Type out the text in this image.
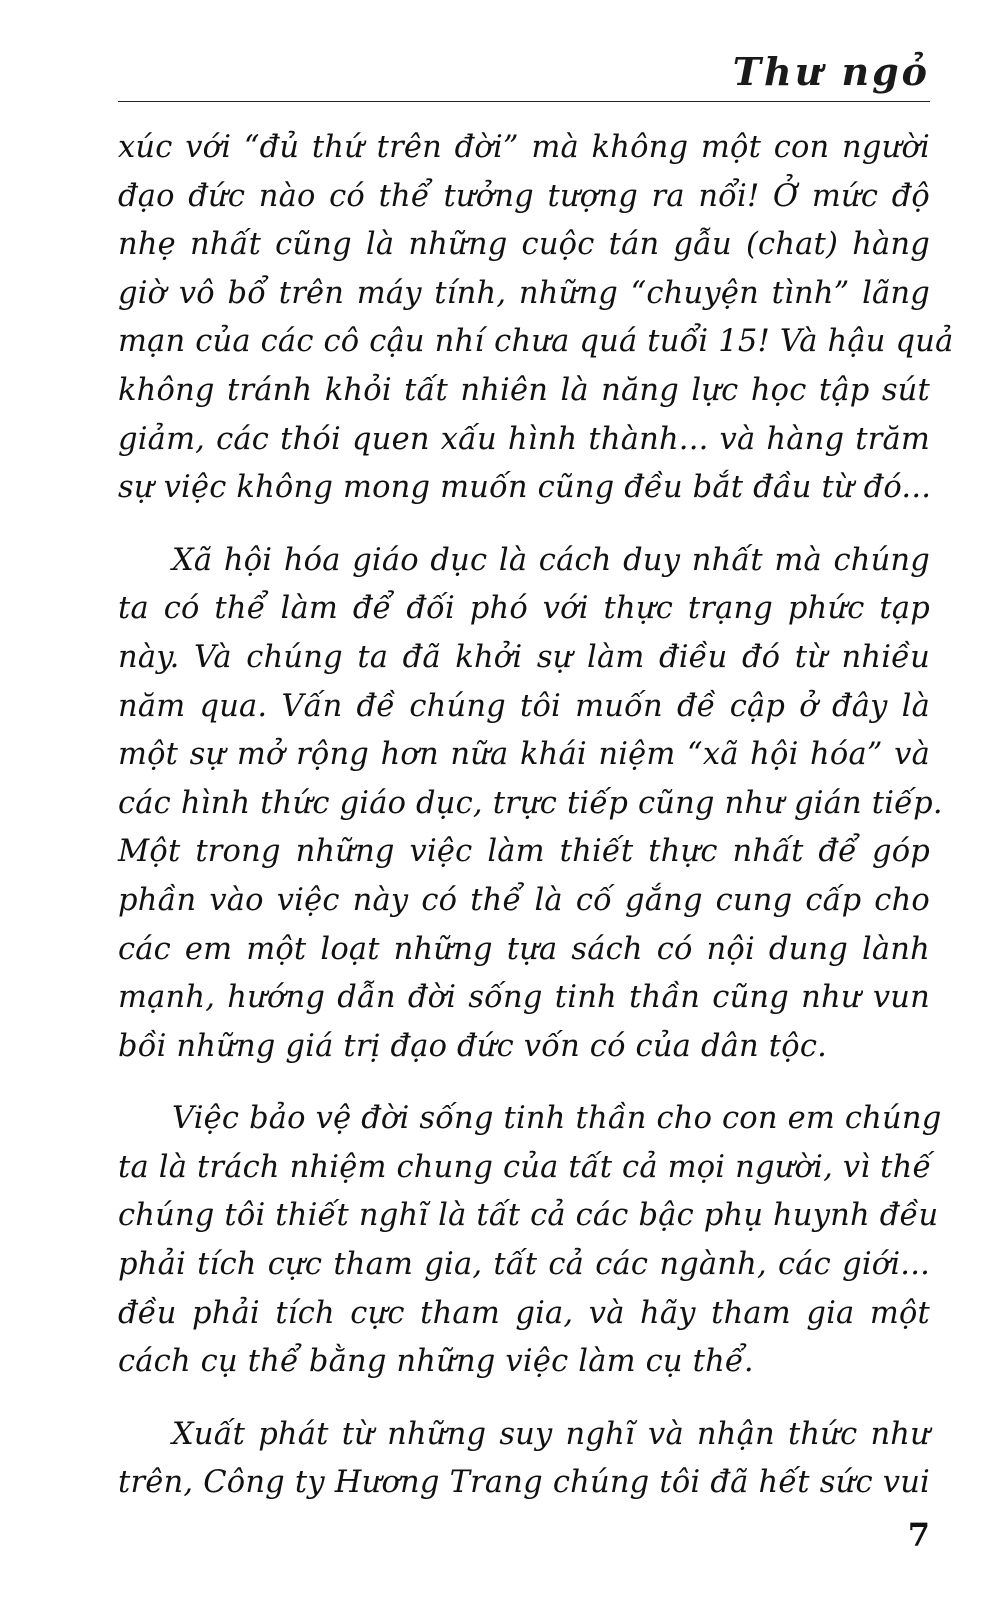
Thư ngỏ

xúc với “đủ thứ trên đời” mà không một con người
đạo đức nào có thể tưởng tượng ra nổi! Ở mức độ
nhẹ nhất cũng là những cuộc tán gẫu (chat) hàng
giờ vô bổ trên máy tính, những “chuyện tình” lãng
mạn của các cô cậu nhí chưa quá tuổi 15! Và hậu quả
không tránh khỏi tất nhiên là năng lực học tập sút
giảm, các thói quen xấu hình thành... và hàng trăm
sự việc không mong muốn cũng đều bắt đầu từ đó...

Xã hội hóa giáo dục là cách duy nhất mà chúng
ta có thể làm để đối phó với thực trạng phức tạp
này. Và chúng ta đã khởi sự làm điều đó từ nhiều
năm qua. Vấn đề chúng tôi muốn đề cập ở đây là
một sự mở rộng hơn nữa khái niệm “xã hội hóa” và
các hình thức giáo dục, trực tiếp cũng như gián tiếp.
Một trong những việc làm thiết thực nhất để góp
phần vào việc này có thể là cố gắng cung cấp cho
các em một loạt những tựa sách có nội dung lành
mạnh, hướng dẫn đời sống tinh thần cũng như vun
bồi những giá trị đạo đức vốn có của dân tộc.

Việc bảo vệ đời sống tinh thần cho con em chúng
ta là trách nhiệm chung của tất cả mọi người, vì thế
chúng tôi thiết nghĩ là tất cả các bậc phụ huynh đều
phải tích cực tham gia, tất cả các ngành, các giới...
đều phải tích cực tham gia, và hãy tham gia một
cách cụ thể bằng những việc làm cụ thể.

Xuất phát từ những suy nghĩ và nhận thức như
trên, Công ty Hương Trang chúng tôi đã hết sức vui

7
